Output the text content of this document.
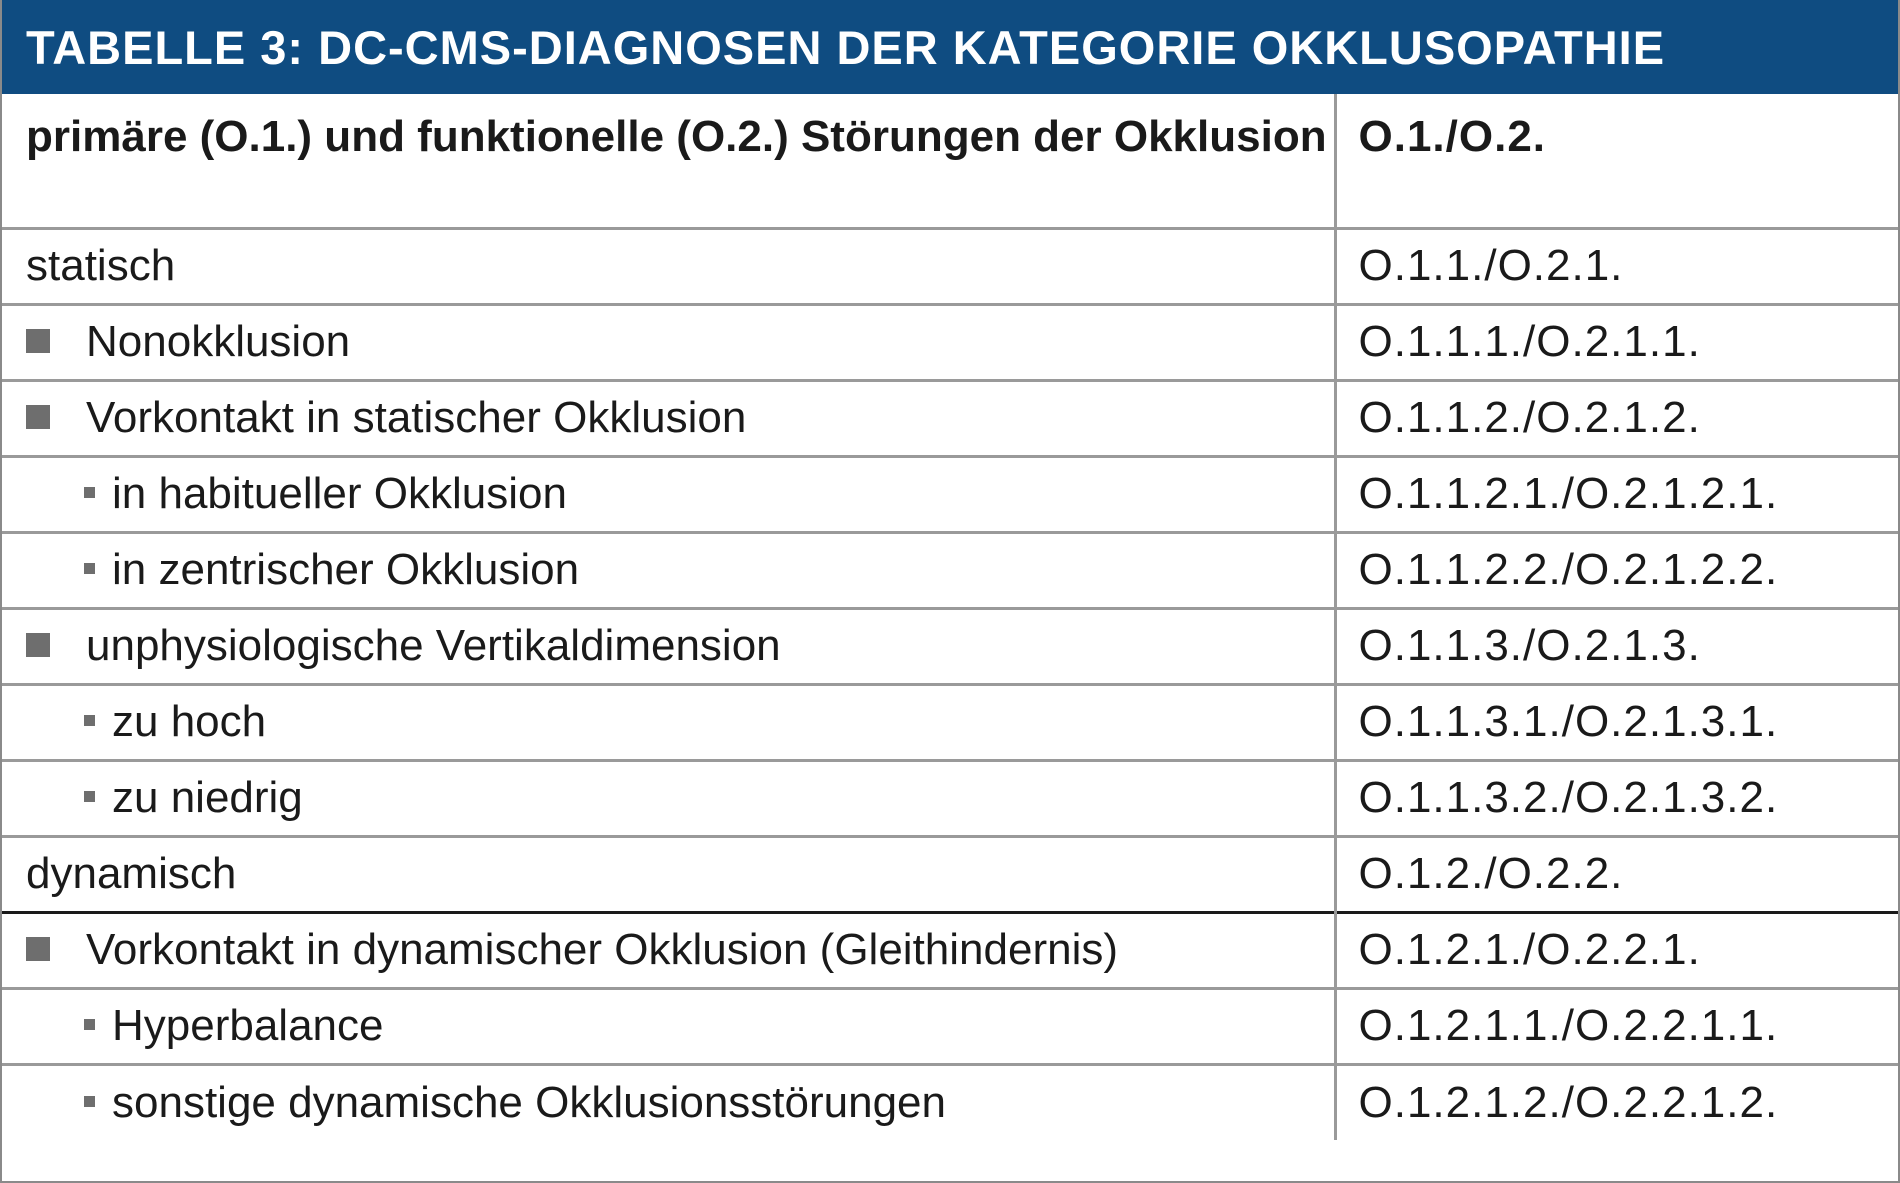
TABELLE 3: DC-CMS-DIAGNOSEN DER KATEGORIE OKKLUSOPATHIE
primäre (O.1.) und funktionelle (O.2.) Störungen der Okklusion	O.1./O.2.
statisch	O.1.1./O.2.1.
Nonokklusion	O.1.1.1./O.2.1.1.
Vorkontakt in statischer Okklusion	O.1.1.2./O.2.1.2.
in habitueller Okklusion	O.1.1.2.1./O.2.1.2.1.
in zentrischer Okklusion	O.1.1.2.2./O.2.1.2.2.
unphysiologische Vertikaldimension	O.1.1.3./O.2.1.3.
zu hoch	O.1.1.3.1./O.2.1.3.1.
zu niedrig	O.1.1.3.2./O.2.1.3.2.
dynamisch	O.1.2./O.2.2.
Vorkontakt in dynamischer Okklusion (Gleithindernis)	O.1.2.1./O.2.2.1.
Hyperbalance	O.1.2.1.1./O.2.2.1.1.
sonstige dynamische Okklusionsstörungen	O.1.2.1.2./O.2.2.1.2.
